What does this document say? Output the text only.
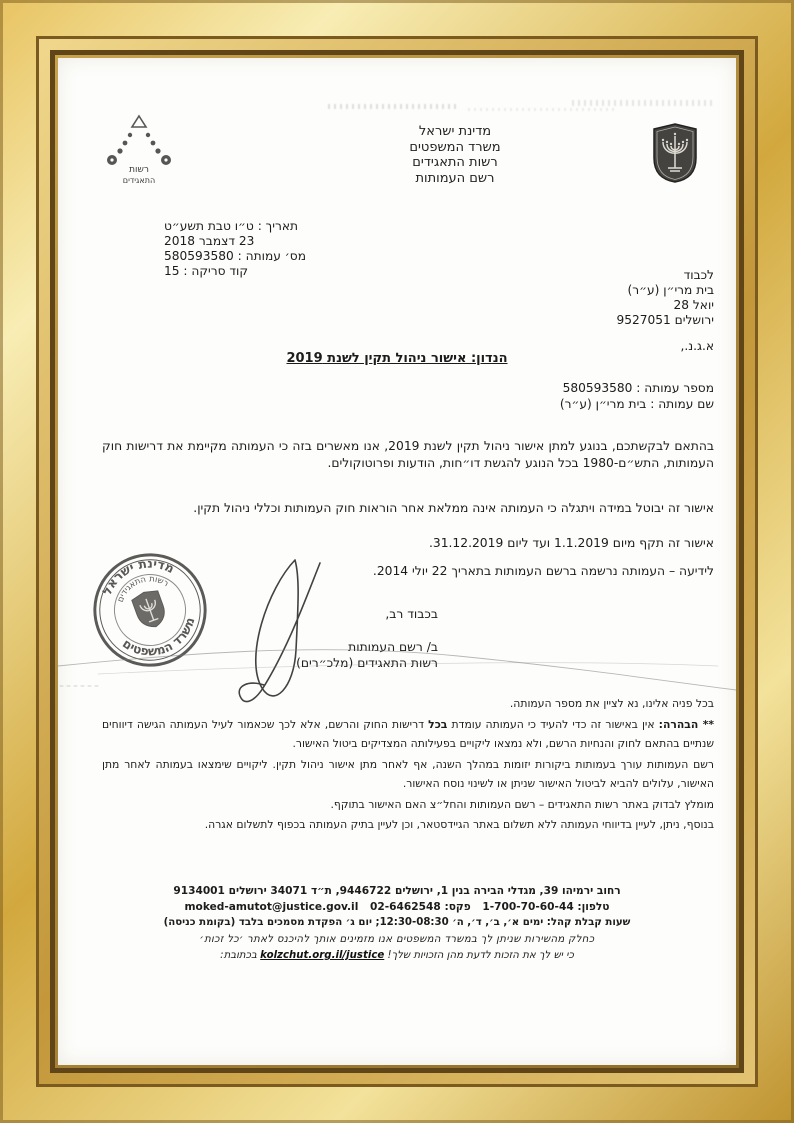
רשות
התאגידים
מדינת ישראל
משרד המשפטים
רשות התאגידים
רשם העמותות
תאריך : ט״ו טבת תשע״ט
23 דצמבר 2018
מס׳ עמותה : 580593580
קוד סריקה : 15	לכבוד
בית מרי״ן (ע״ר)
יואל 28
ירושלים 9527051
א.ג.נ.,
הנדון: אישור ניהול תקין לשנת 2019
מספר עמותה : 580593580
שם עמותה : בית מרי״ן (ע״ר)

בהתאם לבקשתכם, בנוגע למתן אישור ניהול תקין לשנת 2019, אנו מאשרים בזה כי העמותה מקיימת את דרישות חוק העמותות, התש״ם-1980 בכל הנוגע להגשת דו״חות, הודעות ופרוטוקולים.

אישור זה יבוטל במידה ויתגלה כי העמותה אינה ממלאת אחר הוראות חוק העמותות וכללי ניהול תקין.

אישור זה תקף מיום 1.1.2019 ועד ליום 31.12.2019.
לידיעה – העמותה נרשמה ברשם העמותות בתאריך 22 יולי 2014.
בכבוד רב,
ב/ רשם העמותות
רשות התאגידים (מלכ״רים)
מדינת ישראל
רשות התאגידים
משרד המשפטים

בכל פניה אלינו, נא לציין את מספר העמותה.

** הבהרה: אין באישור זה כדי להעיד כי העמותה עומדת בכל דרישות החוק והרשם, אלא לכך שכאמור לעיל העמותה הגישה דיווחים שנתיים בהתאם לחוק והנחיות הרשם, ולא נמצאו ליקויים בפעילותה המצדיקים ביטול האישור.

רשם העמותות עורך בעמותות ביקורות יזומות במהלך השנה, אף לאחר מתן אישור ניהול תקין. ליקויים שימצאו בעמותה לאחר מתן האישור, עלולים להביא לביטול האישור שניתן או לשינוי נוסח האישור.

מומלץ לבדוק באתר רשות התאגידים – רשם העמותות והחל״צ האם האישור בתוקף.

בנוסף, ניתן, לעיין בדיווחי העמותה ללא תשלום באתר הגיידסטאר, וכן לעיין בתיק העמותה בכפוף לתשלום אגרה.

רחוב ירמיהו 39, מגדלי הבירה בנין 1, ירושלים 9446722, ת״ד 34071 ירושלים 9134001
טלפון: 1-700-70-60-44 פקס: 02-6462548 moked-amutot@justice.gov.il
שעות קבלת קהל: ימים א׳, ב׳, ד׳, ה׳ 12:30-08:30; יום ג׳ הפקדת מסמכים בלבד (בקומת כניסה)
כחלק מהשירות שניתן לך במשרד המשפטים אנו מזמינים אותך להיכנס לאתר ׳כל זכות׳
בכתובת: kolzchut.org.il/justice כי יש לך את הזכות לדעת מהן הזכויות שלך!
